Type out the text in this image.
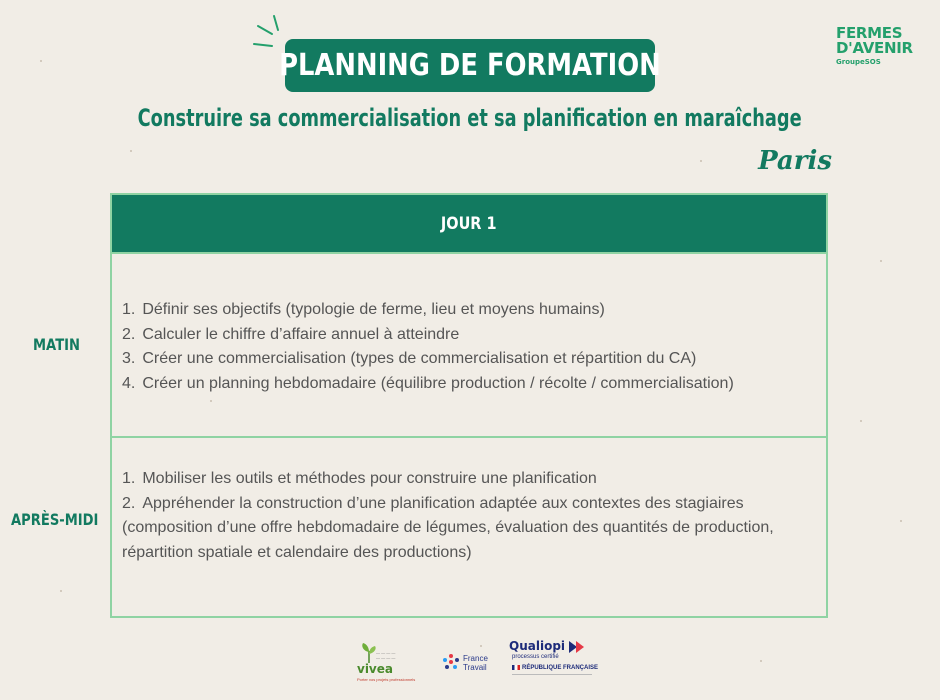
PLANNING DE FORMATION
FERMES
D'AVENIR
GroupeSOS
Construire sa commercialisation et sa planification en maraîchage
Paris
MATIN
APRÈS-MIDI
JOUR 1
1. Définir ses objectifs (typologie de ferme, lieu et moyens humains)
2. Calculer le chiffre d’affaire annuel à atteindre
3. Créer une commercialisation (types de commercialisation et répartition du CA)
4. Créer un planning hebdomadaire (équilibre production / récolte / commercialisation)
1. Mobiliser les outils et méthodes pour construire une planification
2. Appréhender la construction d’une planification adaptée aux contextes des stagiaires (composition d’une offre hebdomadaire de légumes, évaluation des quantités de production, répartition spatiale et calendaire des productions)
— — — —
— — — —
vivea
Porter vos projets professionnels
France Travail
Qualiopi
processus certifié
RÉPUBLIQUE FRANÇAISE
